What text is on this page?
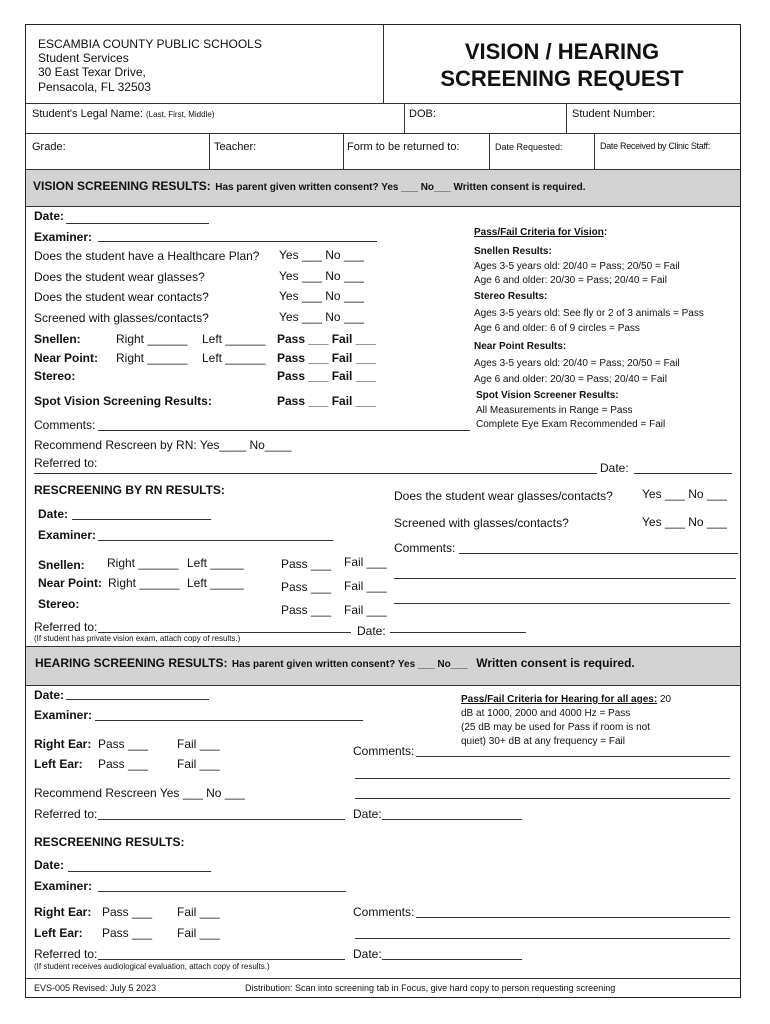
ESCAMBIA COUNTY PUBLIC SCHOOLS
Student Services
30 East Texar Drive,
Pensacola, FL 32503
VISION / HEARING
SCREENING REQUEST
Student's Legal Name: (Last, First, Middle)	DOB:	Student Number:
Grade:	Teacher:	Form to be returned to:	Date Requested:	Date Received by Clinic Staff:
VISION SCREENING RESULTS: Has parent given written consent? Yes ___ No___ Written consent is required.
Date:
Examiner:
Does the student have a Healthcare Plan? Yes ___ No ___
Does the student wear glasses?	Yes ___ No ___
Does the student wear contacts?	Yes ___ No ___
Screened with glasses/contacts?	Yes ___ No ___
Snellen:	Right ______ Left ______ Pass ___ Fail ___
Near Point: Right ______ Left ______ Pass ___ Fail ___
Stereo:	Pass ___ Fail ___
Spot Vision Screening Results:	Pass ___ Fail ___
Comments:
Recommend Rescreen by RN: Yes____ No____
Referred to:	Date:
Pass/Fail Criteria for Vision:
Snellen Results:
Ages 3-5 years old: 20/40 = Pass; 20/50 = Fail
Age 6 and older: 20/30 = Pass; 20/40 = Fail
Stereo Results:
Ages 3-5 years old: See fly or 2 of 3 animals = Pass
Age 6 and older: 6 of 9 circles = Pass
Near Point Results:
Ages 3-5 years old: 20/40 = Pass; 20/50 = Fail
Age 6 and older: 20/30 = Pass; 20/40 = Fail
Spot Vision Screener Results:
All Measurements in Range = Pass
Complete Eye Exam Recommended = Fail
RESCREENING BY RN RESULTS:
Date:
Examiner:
Snellen: Right ______ Left _____	Pass ___ Fail ___
Near Point: Right ______ Left _____	Pass ___ Fail ___
Stereo:	Pass ___ Fail ___
Does the student wear glasses/contacts? Yes ___ No ___
Screened with glasses/contacts?	Yes ___ No ___
Comments:
Referred to:	Date:
(If student has private vision exam, attach copy of results.)
HEARING SCREENING RESULTS: Has parent given written consent? Yes ___ No___ Written consent is required.
Date:
Examiner:
Right Ear: Pass ___ Fail ___
Left Ear: Pass ___ Fail ___
Recommend Rescreen Yes ___ No ___
Referred to:
Comments:
Date:
Pass/Fail Criteria for Hearing for all ages: 20
dB at 1000, 2000 and 4000 Hz = Pass
(25 dB may be used for Pass if room is not
quiet) 30+ dB at any frequency = Fail
RESCREENING RESULTS:
Date:
Examiner:
Right Ear: Pass ___ Fail ___
Left Ear: Pass ___ Fail ___
Comments:
Referred to:	Date:
(If student receives audiological evaluation, attach copy of results.)
EVS-005 Revised: July 5 2023	Distribution: Scan into screening tab in Focus, give hard copy to person requesting screening
